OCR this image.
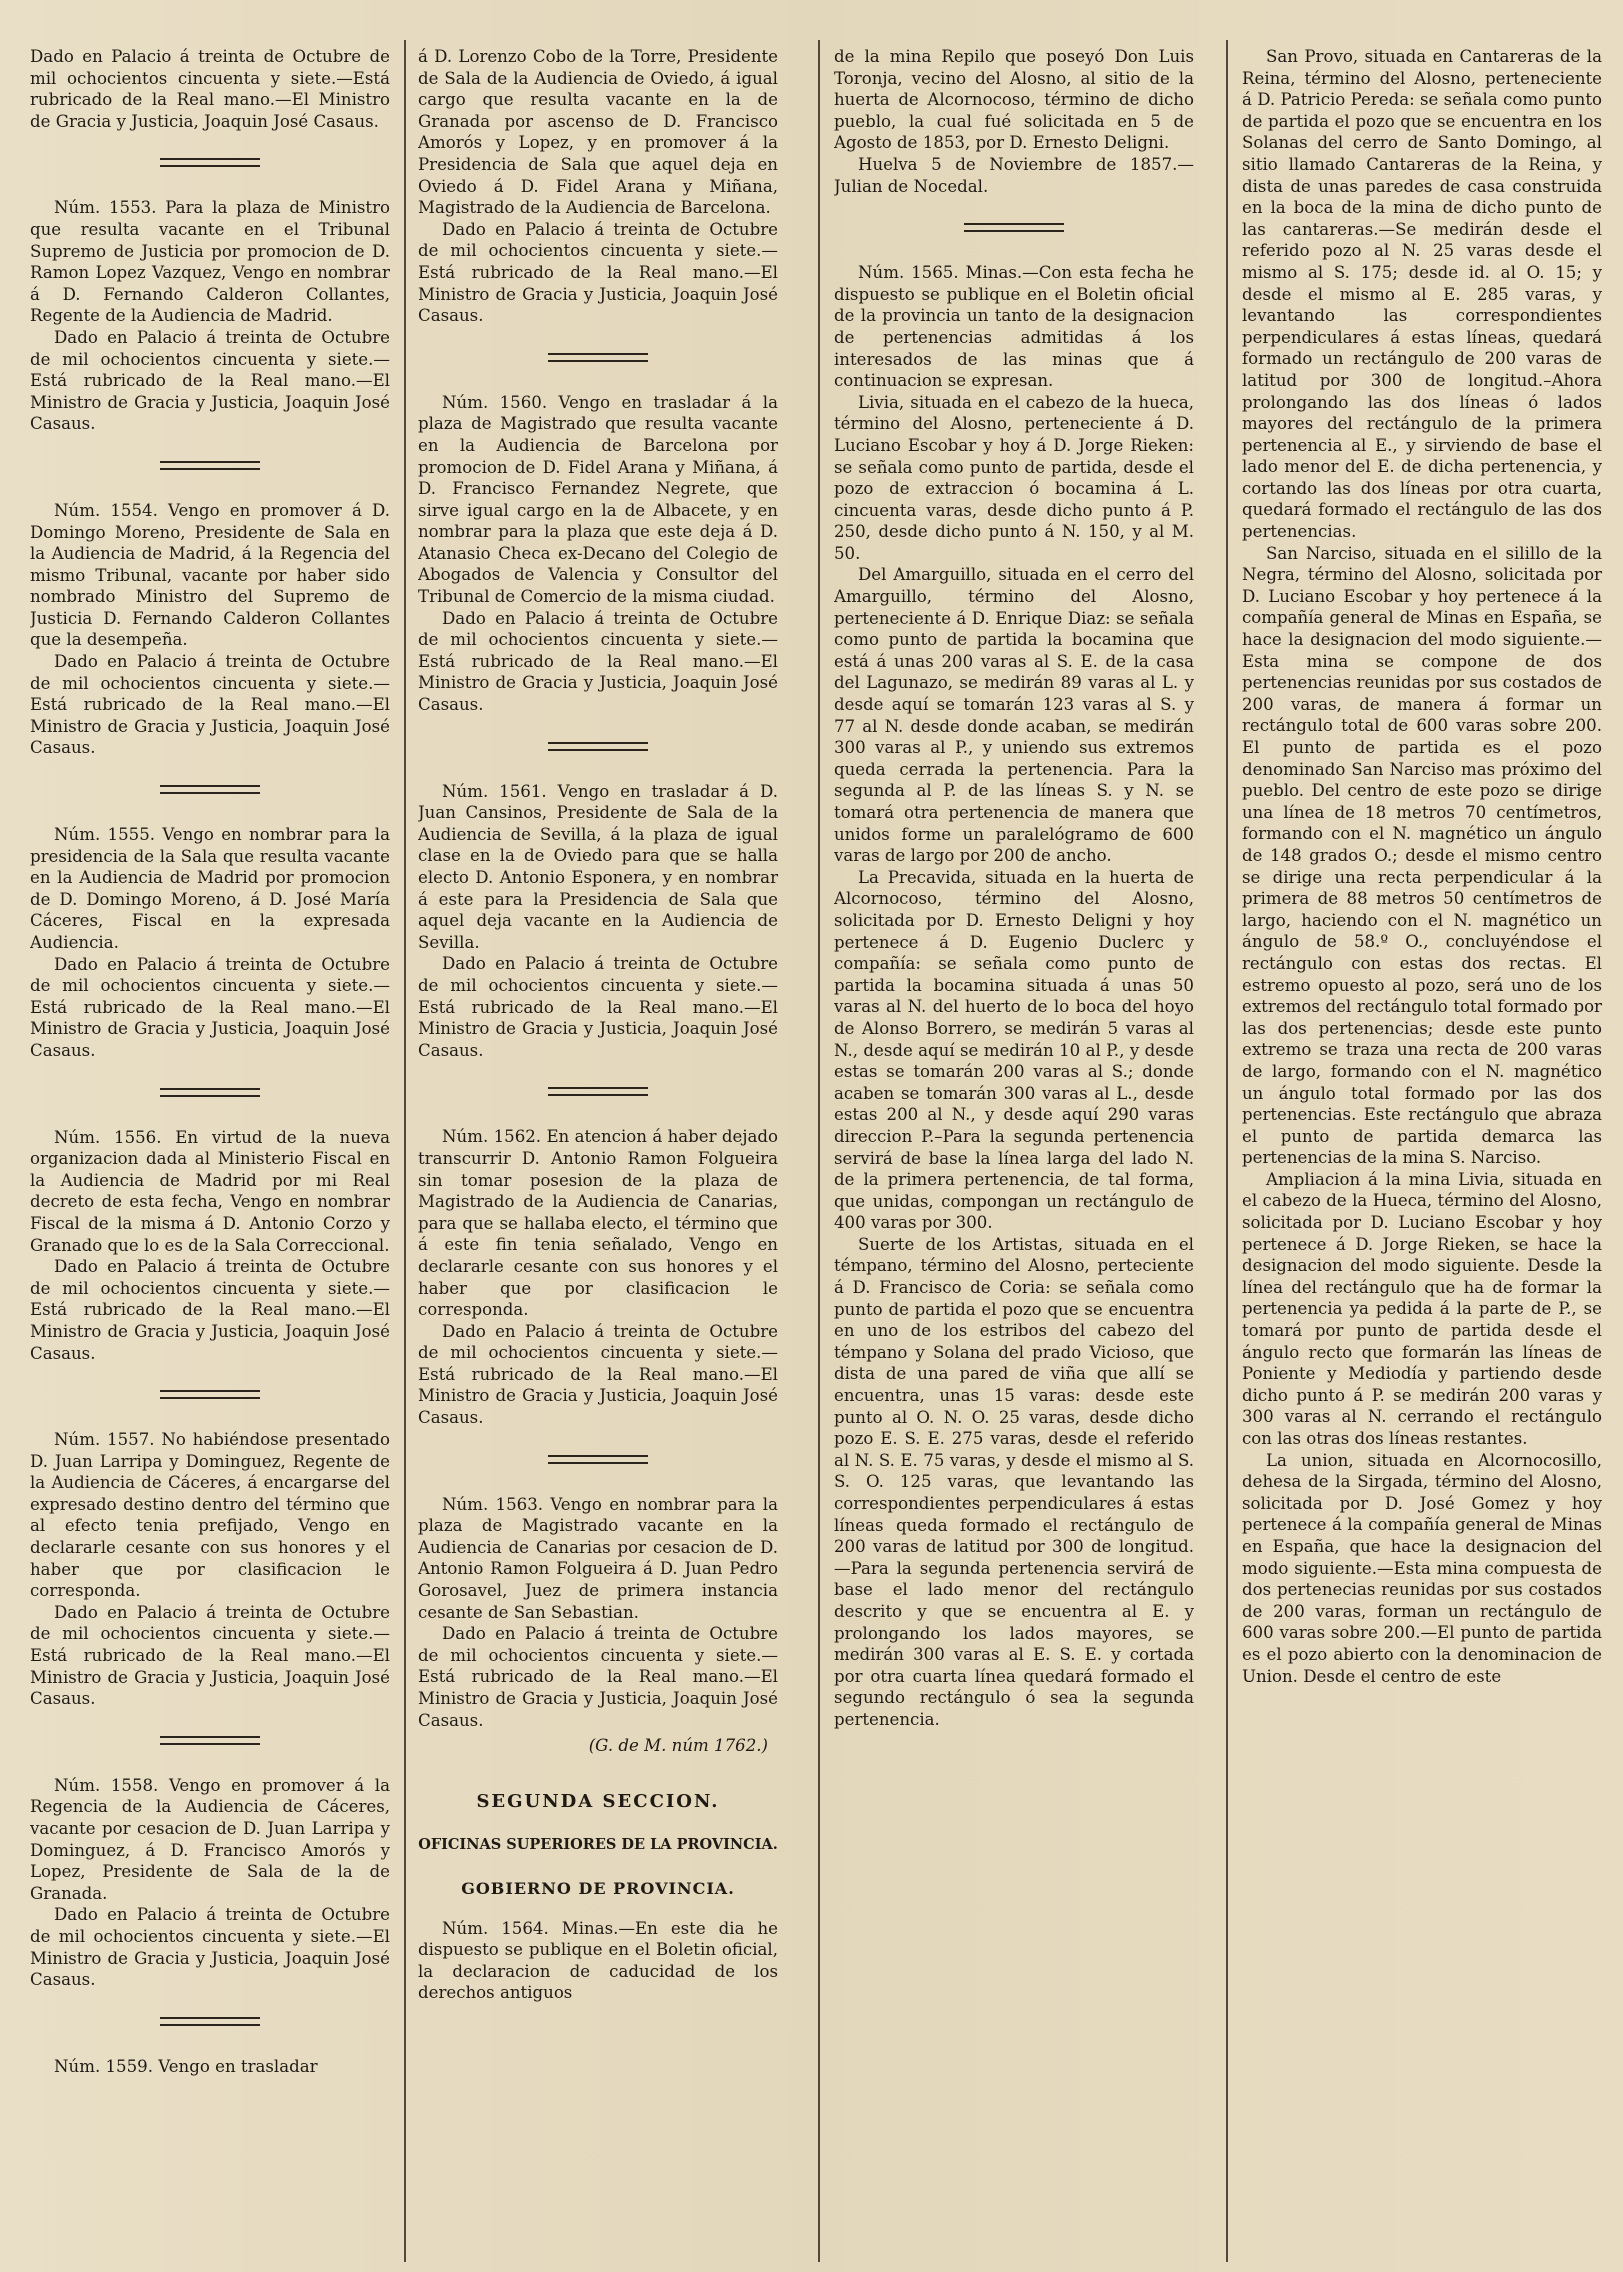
Dado en Palacio á treinta de Octubre de mil ochocientos cincuenta y siete.—Está rubricado de la Real mano.—El Ministro de Gracia y Justicia, Joaquin José Casaus.

Núm. 1553. Para la plaza de Ministro que resulta vacante en el Tribunal Supremo de Justicia por promocion de D. Ramon Lopez Vazquez, Vengo en nombrar á D. Fernando Calderon Collantes, Regente de la Audiencia de Madrid.

Dado en Palacio á treinta de Octubre de mil ochocientos cincuenta y siete.—Está rubricado de la Real mano.—El Ministro de Gracia y Justicia, Joaquin José Casaus.

Núm. 1554. Vengo en promover á D. Domingo Moreno, Presidente de Sala en la Audiencia de Madrid, á la Regencia del mismo Tribunal, vacante por haber sido nombrado Ministro del Supremo de Justicia D. Fernando Calderon Collantes que la desempeña.

Dado en Palacio á treinta de Octubre de mil ochocientos cincuenta y siete.—Está rubricado de la Real mano.—El Ministro de Gracia y Justicia, Joaquin José Casaus.

Núm. 1555. Vengo en nombrar para la presidencia de la Sala que resulta vacante en la Audiencia de Madrid por promocion de D. Domingo Moreno, á D. José María Cáceres, Fiscal en la expresada Audiencia.

Dado en Palacio á treinta de Octubre de mil ochocientos cincuenta y siete.—Está rubricado de la Real mano.—El Ministro de Gracia y Justicia, Joaquin José Casaus.

Núm. 1556. En virtud de la nueva organizacion dada al Ministerio Fiscal en la Audiencia de Madrid por mi Real decreto de esta fecha, Vengo en nombrar Fiscal de la misma á D. Antonio Corzo y Granado que lo es de la Sala Correccional.

Dado en Palacio á treinta de Octubre de mil ochocientos cincuenta y siete.—Está rubricado de la Real mano.—El Ministro de Gracia y Justicia, Joaquin José Casaus.

Núm. 1557. No habiéndose presentado D. Juan Larripa y Dominguez, Regente de la Audiencia de Cáceres, á encargarse del expresado destino dentro del término que al efecto tenia prefijado, Vengo en declararle cesante con sus honores y el haber que por clasificacion le corresponda.

Dado en Palacio á treinta de Octubre de mil ochocientos cincuenta y siete.—Está rubricado de la Real mano.—El Ministro de Gracia y Justicia, Joaquin José Casaus.

Núm. 1558. Vengo en promover á la Regencia de la Audiencia de Cáceres, vacante por cesacion de D. Juan Larripa y Dominguez, á D. Francisco Amorós y Lopez, Presidente de Sala de la de Granada.

Dado en Palacio á treinta de Octubre de mil ochocientos cincuenta y siete.—El Ministro de Gracia y Justicia, Joaquin José Casaus.

Núm. 1559. Vengo en trasladar

á D. Lorenzo Cobo de la Torre, Presidente de Sala de la Audiencia de Oviedo, á igual cargo que resulta vacante en la de Granada por ascenso de D. Francisco Amorós y Lopez, y en promover á la Presidencia de Sala que aquel deja en Oviedo á D. Fidel Arana y Miñana, Magistrado de la Audiencia de Barcelona.

Dado en Palacio á treinta de Octubre de mil ochocientos cincuenta y siete.—Está rubricado de la Real mano.—El Ministro de Gracia y Justicia, Joaquin José Casaus.

Núm. 1560. Vengo en trasladar á la plaza de Magistrado que resulta vacante en la Audiencia de Barcelona por promocion de D. Fidel Arana y Miñana, á D. Francisco Fernandez Negrete, que sirve igual cargo en la de Albacete, y en nombrar para la plaza que este deja á D. Atanasio Checa ex-Decano del Colegio de Abogados de Valencia y Consultor del Tribunal de Comercio de la misma ciudad.

Dado en Palacio á treinta de Octubre de mil ochocientos cincuenta y siete.—Está rubricado de la Real mano.—El Ministro de Gracia y Justicia, Joaquin José Casaus.

Núm. 1561. Vengo en trasladar á D. Juan Cansinos, Presidente de Sala de la Audiencia de Sevilla, á la plaza de igual clase en la de Oviedo para que se halla electo D. Antonio Esponera, y en nombrar á este para la Presidencia de Sala que aquel deja vacante en la Audiencia de Sevilla.

Dado en Palacio á treinta de Octubre de mil ochocientos cincuenta y siete.—Está rubricado de la Real mano.—El Ministro de Gracia y Justicia, Joaquin José Casaus.

Núm. 1562. En atencion á haber dejado transcurrir D. Antonio Ramon Folgueira sin tomar posesion de la plaza de Magistrado de la Audiencia de Canarias, para que se hallaba electo, el término que á este fin tenia señalado, Vengo en declararle cesante con sus honores y el haber que por clasificacion le corresponda.

Dado en Palacio á treinta de Octubre de mil ochocientos cincuenta y siete.—Está rubricado de la Real mano.—El Ministro de Gracia y Justicia, Joaquin José Casaus.

Núm. 1563. Vengo en nombrar para la plaza de Magistrado vacante en la Audiencia de Canarias por cesacion de D. Antonio Ramon Folgueira á D. Juan Pedro Gorosavel, Juez de primera instancia cesante de San Sebastian.

Dado en Palacio á treinta de Octubre de mil ochocientos cincuenta y siete.—Está rubricado de la Real mano.—El Ministro de Gracia y Justicia, Joaquin José Casaus.

(G. de M. núm 1762.)

SEGUNDA SECCION.
OFICINAS SUPERIORES DE LA PROVINCIA.
GOBIERNO DE PROVINCIA.

Núm. 1564. Minas.—En este dia he dispuesto se publique en el Boletin oficial, la declaracion de caducidad de los derechos antiguos

de la mina Repilo que poseyó Don Luis Toronja, vecino del Alosno, al sitio de la huerta de Alcornocoso, término de dicho pueblo, la cual fué solicitada en 5 de Agosto de 1853, por D. Ernesto Deligni.

Huelva 5 de Noviembre de 1857.—Julian de Nocedal.

Núm. 1565. Minas.—Con esta fecha he dispuesto se publique en el Boletin oficial de la provincia un tanto de la designacion de pertenencias admitidas á los interesados de las minas que á continuacion se expresan.

Livia, situada en el cabezo de la hueca, término del Alosno, perteneciente á D. Luciano Escobar y hoy á D. Jorge Rieken: se señala como punto de partida, desde el pozo de extraccion ó bocamina á L. cincuenta varas, desde dicho punto á P. 250, desde dicho punto á N. 150, y al M. 50.

Del Amarguillo, situada en el cerro del Amarguillo, término del Alosno, perteneciente á D. Enrique Diaz: se señala como punto de partida la bocamina que está á unas 200 varas al S. E. de la casa del Lagunazo, se medirán 89 varas al L. y desde aquí se tomarán 123 varas al S. y 77 al N. desde donde acaban, se medirán 300 varas al P., y uniendo sus extremos queda cerrada la pertenencia. Para la segunda al P. de las líneas S. y N. se tomará otra pertenencia de manera que unidos forme un paralelógramo de 600 varas de largo por 200 de ancho.

La Precavida, situada en la huerta de Alcornocoso, término del Alosno, solicitada por D. Ernesto Deligni y hoy pertenece á D. Eugenio Duclerc y compañía: se señala como punto de partida la bocamina situada á unas 50 varas al N. del huerto de lo boca del hoyo de Alonso Borrero, se medirán 5 varas al N., desde aquí se medirán 10 al P., y desde estas se tomarán 200 varas al S.; donde acaben se tomarán 300 varas al L., desde estas 200 al N., y desde aquí 290 varas direccion P.–Para la segunda pertenencia servirá de base la línea larga del lado N. de la primera pertenencia, de tal forma, que unidas, compongan un rectángulo de 400 varas por 300.

Suerte de los Artistas, situada en el témpano, término del Alosno, perteciente á D. Francisco de Coria: se señala como punto de partida el pozo que se encuentra en uno de los estribos del cabezo del témpano y Solana del prado Vicioso, que dista de una pared de viña que allí se encuentra, unas 15 varas: desde este punto al O. N. O. 25 varas, desde dicho pozo E. S. E. 275 varas, desde el referido al N. S. E. 75 varas, y desde el mismo al S. S. O. 125 varas, que levantando las correspondientes perpendiculares á estas líneas queda formado el rectángulo de 200 varas de latitud por 300 de longitud.—Para la segunda pertenencia servirá de base el lado menor del rectángulo descrito y que se encuentra al E. y prolongando los lados mayores, se medirán 300 varas al E. S. E. y cortada por otra cuarta línea quedará formado el segundo rectángulo ó sea la segunda pertenencia.

San Provo, situada en Cantareras de la Reina, término del Alosno, perteneciente á D. Patricio Pereda: se señala como punto de partida el pozo que se encuentra en los Solanas del cerro de Santo Domingo, al sitio llamado Cantareras de la Reina, y dista de unas paredes de casa construida en la boca de la mina de dicho punto de las cantareras.—Se medirán desde el referido pozo al N. 25 varas desde el mismo al S. 175; desde id. al O. 15; y desde el mismo al E. 285 varas, y levantando las correspondientes perpendiculares á estas líneas, quedará formado un rectángulo de 200 varas de latitud por 300 de longitud.–Ahora prolongando las dos líneas ó lados mayores del rectángulo de la primera pertenencia al E., y sirviendo de base el lado menor del E. de dicha pertenencia, y cortando las dos líneas por otra cuarta, quedará formado el rectángulo de las dos pertenencias.

San Narciso, situada en el silillo de la Negra, término del Alosno, solicitada por D. Luciano Escobar y hoy pertenece á la compañía general de Minas en España, se hace la designacion del modo siguiente.—Esta mina se compone de dos pertenencias reunidas por sus costados de 200 varas, de manera á formar un rectángulo total de 600 varas sobre 200. El punto de partida es el pozo denominado San Narciso mas próximo del pueblo. Del centro de este pozo se dirige una línea de 18 metros 70 centímetros, formando con el N. magnético un ángulo de 148 grados O.; desde el mismo centro se dirige una recta perpendicular á la primera de 88 metros 50 centímetros de largo, haciendo con el N. magnético un ángulo de 58.º O., concluyéndose el rectángulo con estas dos rectas. El estremo opuesto al pozo, será uno de los extremos del rectángulo total formado por las dos pertenencias; desde este punto extremo se traza una recta de 200 varas de largo, formando con el N. magnético un ángulo total formado por las dos pertenencias. Este rectángulo que abraza el punto de partida demarca las pertenencias de la mina S. Narciso.

Ampliacion á la mina Livia, situada en el cabezo de la Hueca, término del Alosno, solicitada por D. Luciano Escobar y hoy pertenece á D. Jorge Rieken, se hace la designacion del modo siguiente. Desde la línea del rectángulo que ha de formar la pertenencia ya pedida á la parte de P., se tomará por punto de partida desde el ángulo recto que formarán las líneas de Poniente y Mediodía y partiendo desde dicho punto á P. se medirán 200 varas y 300 varas al N. cerrando el rectángulo con las otras dos líneas restantes.

La union, situada en Alcornocosillo, dehesa de la Sirgada, término del Alosno, solicitada por D. José Gomez y hoy pertenece á la compañía general de Minas en España, que hace la designacion del modo siguiente.—Esta mina compuesta de dos pertenecias reunidas por sus costados de 200 varas, forman un rectángulo de 600 varas sobre 200.—El punto de partida es el pozo abierto con la denominacion de Union. Desde el centro de este
